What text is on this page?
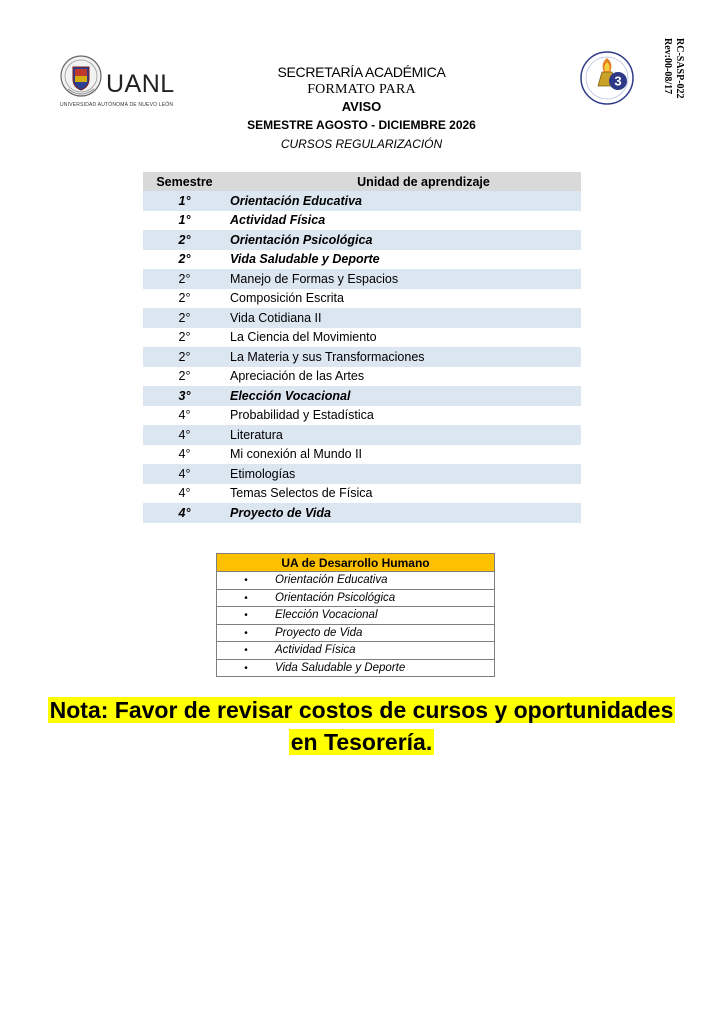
UANL
UNIVERSIDAD AUTÓNOMA DE NUEVO LEÓN
3	RC-SASP-022
Rev:00-08/17
SECRETARÍA ACADÉMICA
FORMATO PARA
AVISO
SEMESTRE AGOSTO - DICIEMBRE 2026
CURSOS REGULARIZACIÓN
Semestre	Unidad de aprendizaje
1°	Orientación Educativa
1°	Actividad Física
2°	Orientación Psicológica
2°	Vida Saludable y Deporte
2°	Manejo de Formas y Espacios
2°	Composición Escrita
2°	Vida Cotidiana II
2°	La Ciencia del Movimiento
2°	La Materia y sus Transformaciones
2°	Apreciación de las Artes
3°	Elección Vocacional
4°	Probabilidad y Estadística
4°	Literatura
4°	Mi conexión al Mundo II
4°	Etimologías
4°	Temas Selectos de Física
4°	Proyecto de Vida
UA de Desarrollo Humano
• Orientación Educativa
• Orientación Psicológica
• Elección Vocacional
• Proyecto de Vida
• Actividad Física
• Vida Saludable y Deporte
Nota: Favor de revisar costos de cursos y oportunidades
en Tesorería.
